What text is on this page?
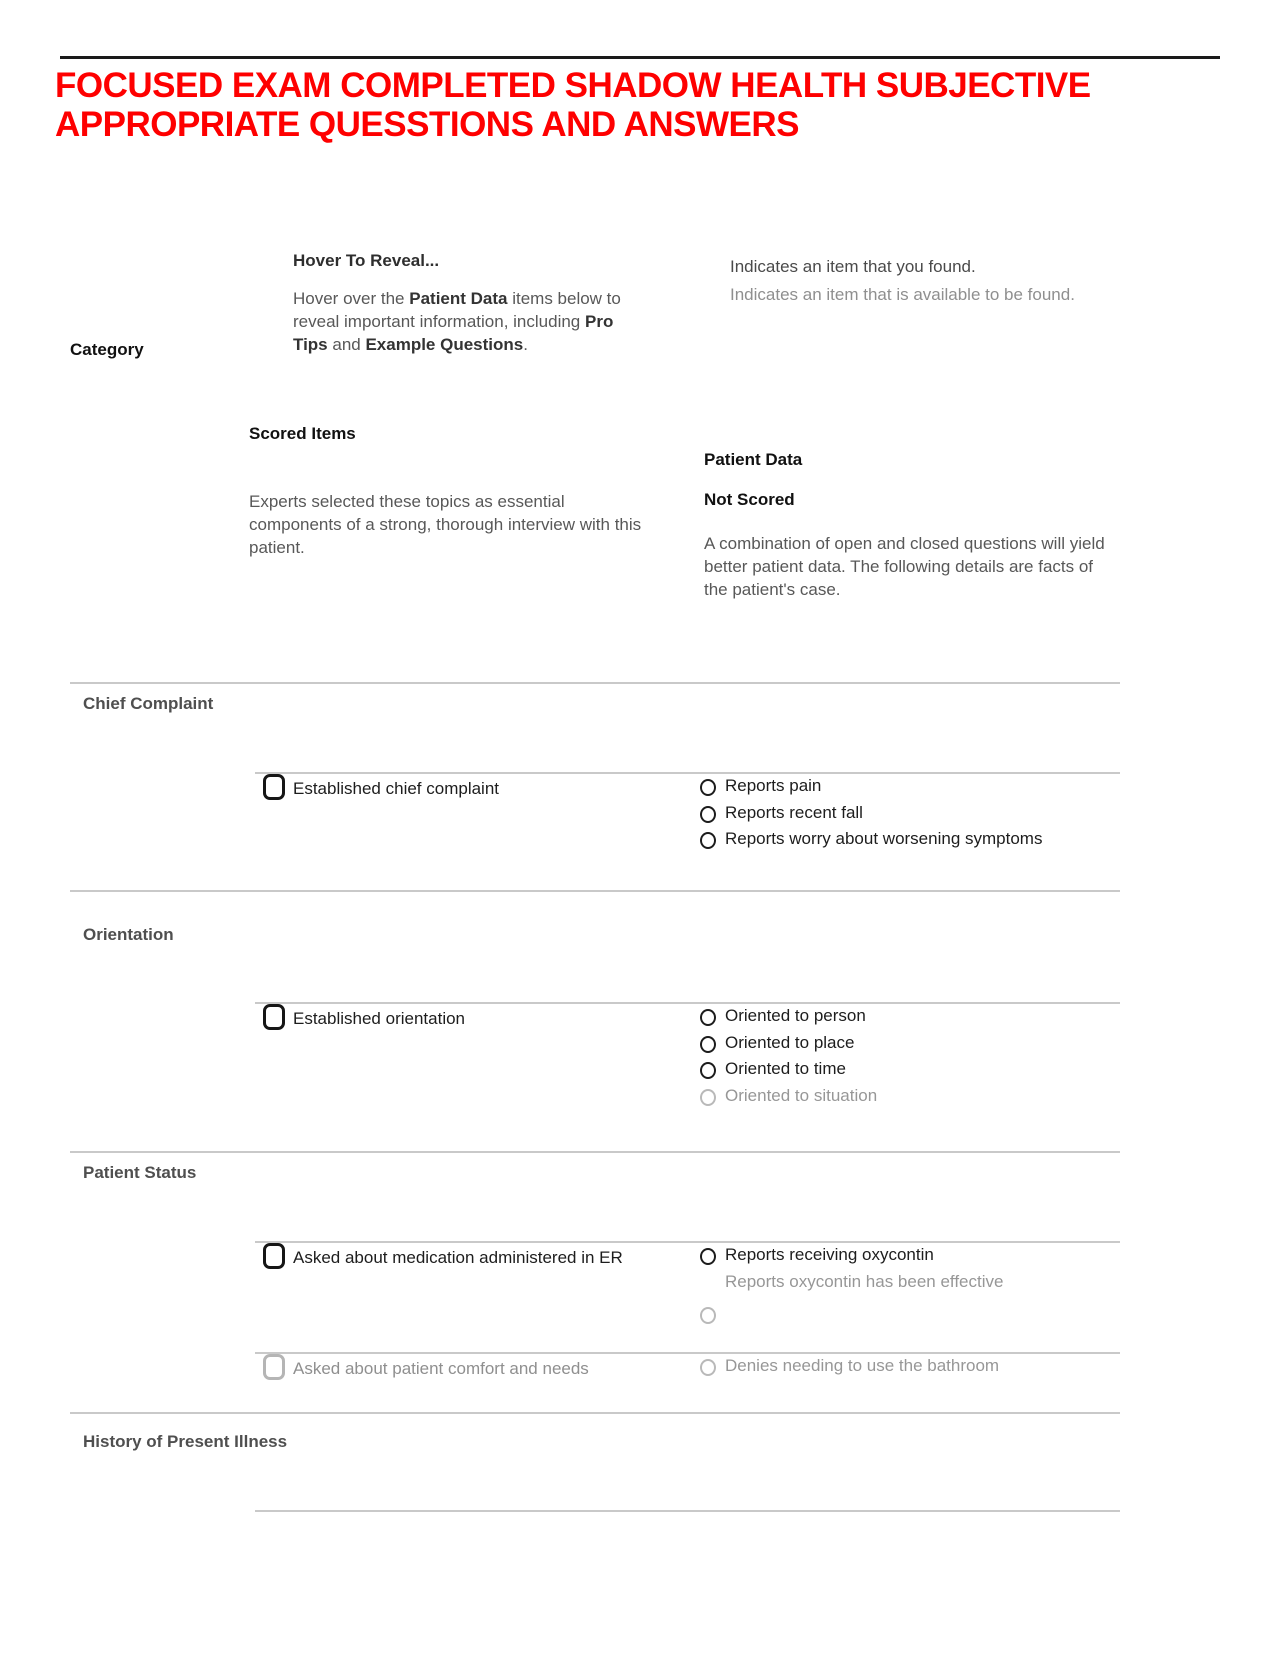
FOCUSED EXAM COMPLETED SHADOW HEALTH SUBJECTIVE APPROPRIATE QUESSTIONS AND ANSWERS
Category
Hover To Reveal...
Hover over the Patient Data items below to reveal important information, including Pro Tips and Example Questions.
Indicates an item that you found.
Indicates an item that is available to be found.
Scored Items
Experts selected these topics as essential components of a strong, thorough interview with this patient.
Patient Data
Not Scored
A combination of open and closed questions will yield better patient data. The following details are facts of the patient's case.
Chief Complaint
Established chief complaint	Reports pain
Reports recent fall
Reports worry about worsening symptoms
Orientation
Established orientation	Oriented to person
Oriented to place
Oriented to time
Oriented to situation
Patient Status
Asked about medication administered in ER	Reports receiving oxycontin
Reports oxycontin has been effective
Asked about patient comfort and needs	Denies needing to use the bathroom
History of Present Illness
